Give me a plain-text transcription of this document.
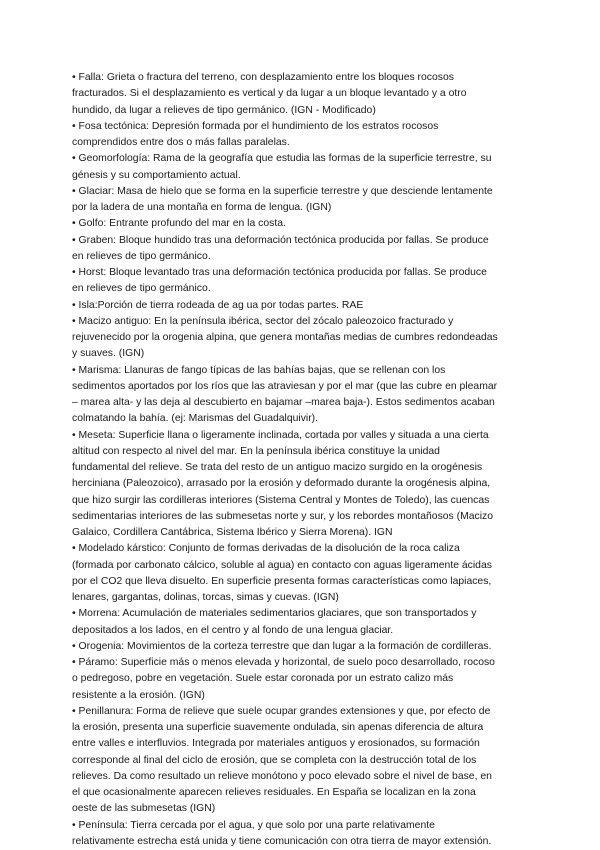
• Falla: Grieta o fractura del terreno, con desplazamiento entre los bloques rocosos
fracturados. Si el desplazamiento es vertical y da lugar a un bloque levantado y a otro
hundido, da lugar a relieves de tipo germánico. (IGN - Modificado)
• Fosa tectónica: Depresión formada por el hundimiento de los estratos rocosos
comprendidos entre dos o más fallas paralelas.
• Geomorfología: Rama de la geografía que estudia las formas de la superficie terrestre, su
génesis y su comportamiento actual.
• Glaciar: Masa de hielo que se forma en la superficie terrestre y que desciende lentamente
por la ladera de una montaña en forma de lengua. (IGN)
• Golfo: Entrante profundo del mar en la costa.
• Graben: Bloque hundido tras una deformación tectónica producida por fallas. Se produce
en relieves de tipo germánico.
• Horst: Bloque levantado tras una deformación tectónica producida por fallas. Se produce
en relieves de tipo germánico.
• Isla:Porción de tierra rodeada de ag ua por todas partes. RAE
• Macizo antiguo: En la península ibérica, sector del zócalo paleozoico fracturado y
rejuvenecido por la orogenia alpina, que genera montañas medias de cumbres redondeadas
y suaves. (IGN)
• Marisma: Llanuras de fango típicas de las bahías bajas, que se rellenan con los
sedimentos aportados por los ríos que las atraviesan y por el mar (que las cubre en pleamar
– marea alta- y las deja al descubierto en bajamar –marea baja-). Estos sedimentos acaban
colmatando la bahía. (ej: Marismas del Guadalquivir).
• Meseta: Superficie llana o ligeramente inclinada, cortada por valles y situada a una cierta
altitud con respecto al nivel del mar. En la península ibérica constituye la unidad
fundamental del relieve. Se trata del resto de un antiguo macizo surgido en la orogénesis
herciniana (Paleozoico), arrasado por la erosión y deformado durante la orogénesis alpina,
que hizo surgir las cordilleras interiores (Sistema Central y Montes de Toledo), las cuencas
sedimentarias interiores de las submesetas norte y sur, y los rebordes montañosos (Macizo
Galaico, Cordillera Cantábrica, Sistema Ibérico y Sierra Morena). IGN
• Modelado kárstico: Conjunto de formas derivadas de la disolución de la roca caliza
(formada por carbonato cálcico, soluble al agua) en contacto con aguas ligeramente ácidas
por el CO2 que lleva disuelto. En superficie presenta formas características como lapiaces,
lenares, gargantas, dolinas, torcas, simas y cuevas. (IGN)
• Morrena: Acumulación de materiales sedimentarios glaciares, que son transportados y
depositados a los lados, en el centro y al fondo de una lengua glaciar.
• Orogenia: Movimientos de la corteza terrestre que dan lugar a la formación de cordilleras.
• Páramo: Superficie más o menos elevada y horizontal, de suelo poco desarrollado, rocoso
o pedregoso, pobre en vegetación. Suele estar coronada por un estrato calizo más
resistente a la erosión. (IGN)
• Penillanura: Forma de relieve que suele ocupar grandes extensiones y que, por efecto de
la erosión, presenta una superficie suavemente ondulada, sin apenas diferencia de altura
entre valles e interfluvios. Integrada por materiales antiguos y erosionados, su formación
corresponde al final del ciclo de erosión, que se completa con la destrucción total de los
relieves. Da como resultado un relieve monótono y poco elevado sobre el nivel de base, en
el que ocasionalmente aparecen relieves residuales. En España se localizan en la zona
oeste de las submesetas (IGN)
• Península: Tierra cercada por el agua, y que solo por una parte relativamente
relativamente estrecha está unida y tiene comunicación con otra tierra de mayor extensión.
